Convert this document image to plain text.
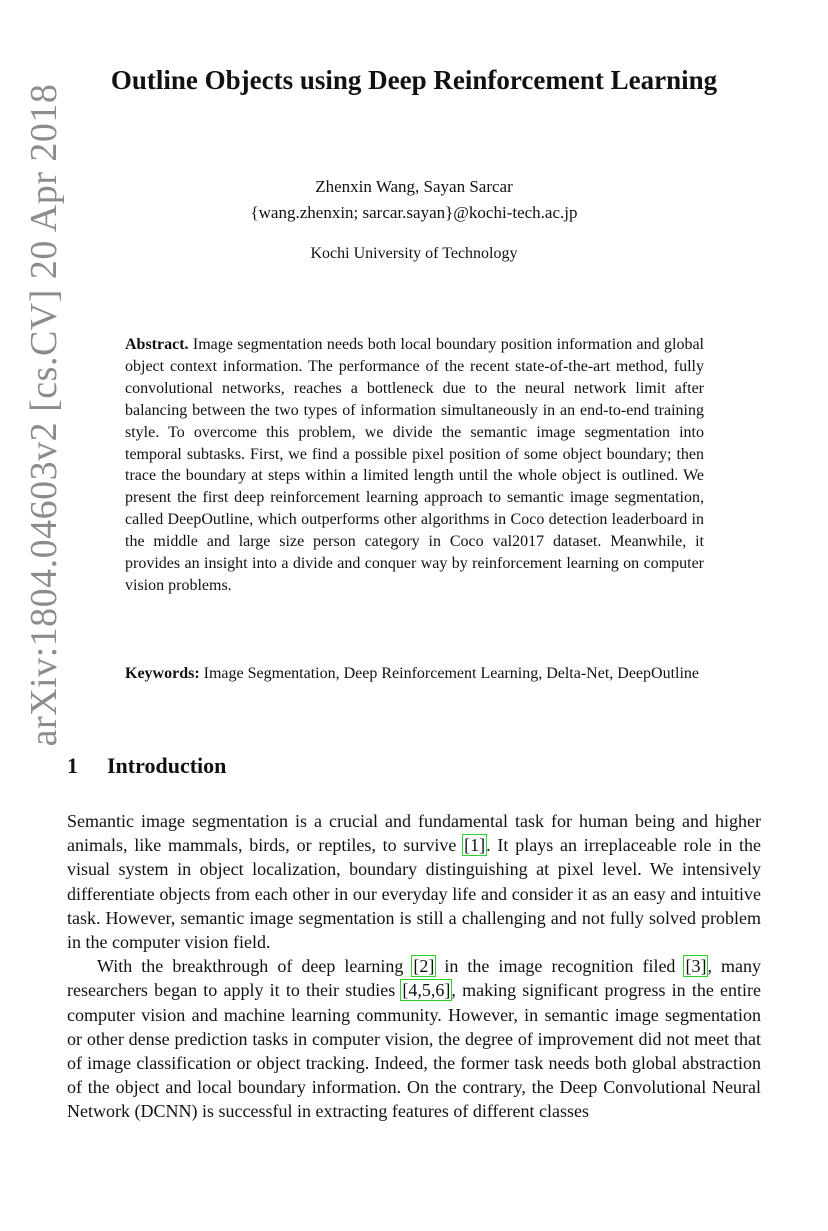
arXiv:1804.04603v2 [cs.CV] 20 Apr 2018
Outline Objects using Deep Reinforcement Learning
Zhenxin Wang, Sayan Sarcar
{wang.zhenxin; sarcar.sayan}@kochi-tech.ac.jp
Kochi University of Technology
Abstract. Image segmentation needs both local boundary position information and global object context information. The performance of the recent state-of-the-art method, fully convolutional networks, reaches a bottleneck due to the neural network limit after balancing between the two types of information simultaneously in an end-to-end training style. To overcome this problem, we divide the semantic image segmentation into temporal subtasks. First, we find a possible pixel position of some object boundary; then trace the boundary at steps within a limited length until the whole object is outlined. We present the first deep reinforcement learning approach to semantic image segmentation, called DeepOutline, which outperforms other algorithms in Coco detection leaderboard in the middle and large size person category in Coco val2017 dataset. Meanwhile, it provides an insight into a divide and conquer way by reinforcement learning on computer vision problems.
Keywords: Image Segmentation, Deep Reinforcement Learning, Delta-Net, DeepOutline
1 Introduction

Semantic image segmentation is a crucial and fundamental task for human being and higher animals, like mammals, birds, or reptiles, to survive [1]. It plays an irreplaceable role in the visual system in object localization, boundary distinguishing at pixel level. We intensively differentiate objects from each other in our everyday life and consider it as an easy and intuitive task. However, semantic image segmentation is still a challenging and not fully solved problem in the computer vision field.

With the breakthrough of deep learning [2] in the image recognition filed [3], many researchers began to apply it to their studies [4,5,6], making significant progress in the entire computer vision and machine learning community. However, in semantic image segmentation or other dense prediction tasks in computer vision, the degree of improvement did not meet that of image classification or object tracking. Indeed, the former task needs both global abstraction of the object and local boundary information. On the contrary, the Deep Convolutional Neural Network (DCNN) is successful in extracting features of different classes
